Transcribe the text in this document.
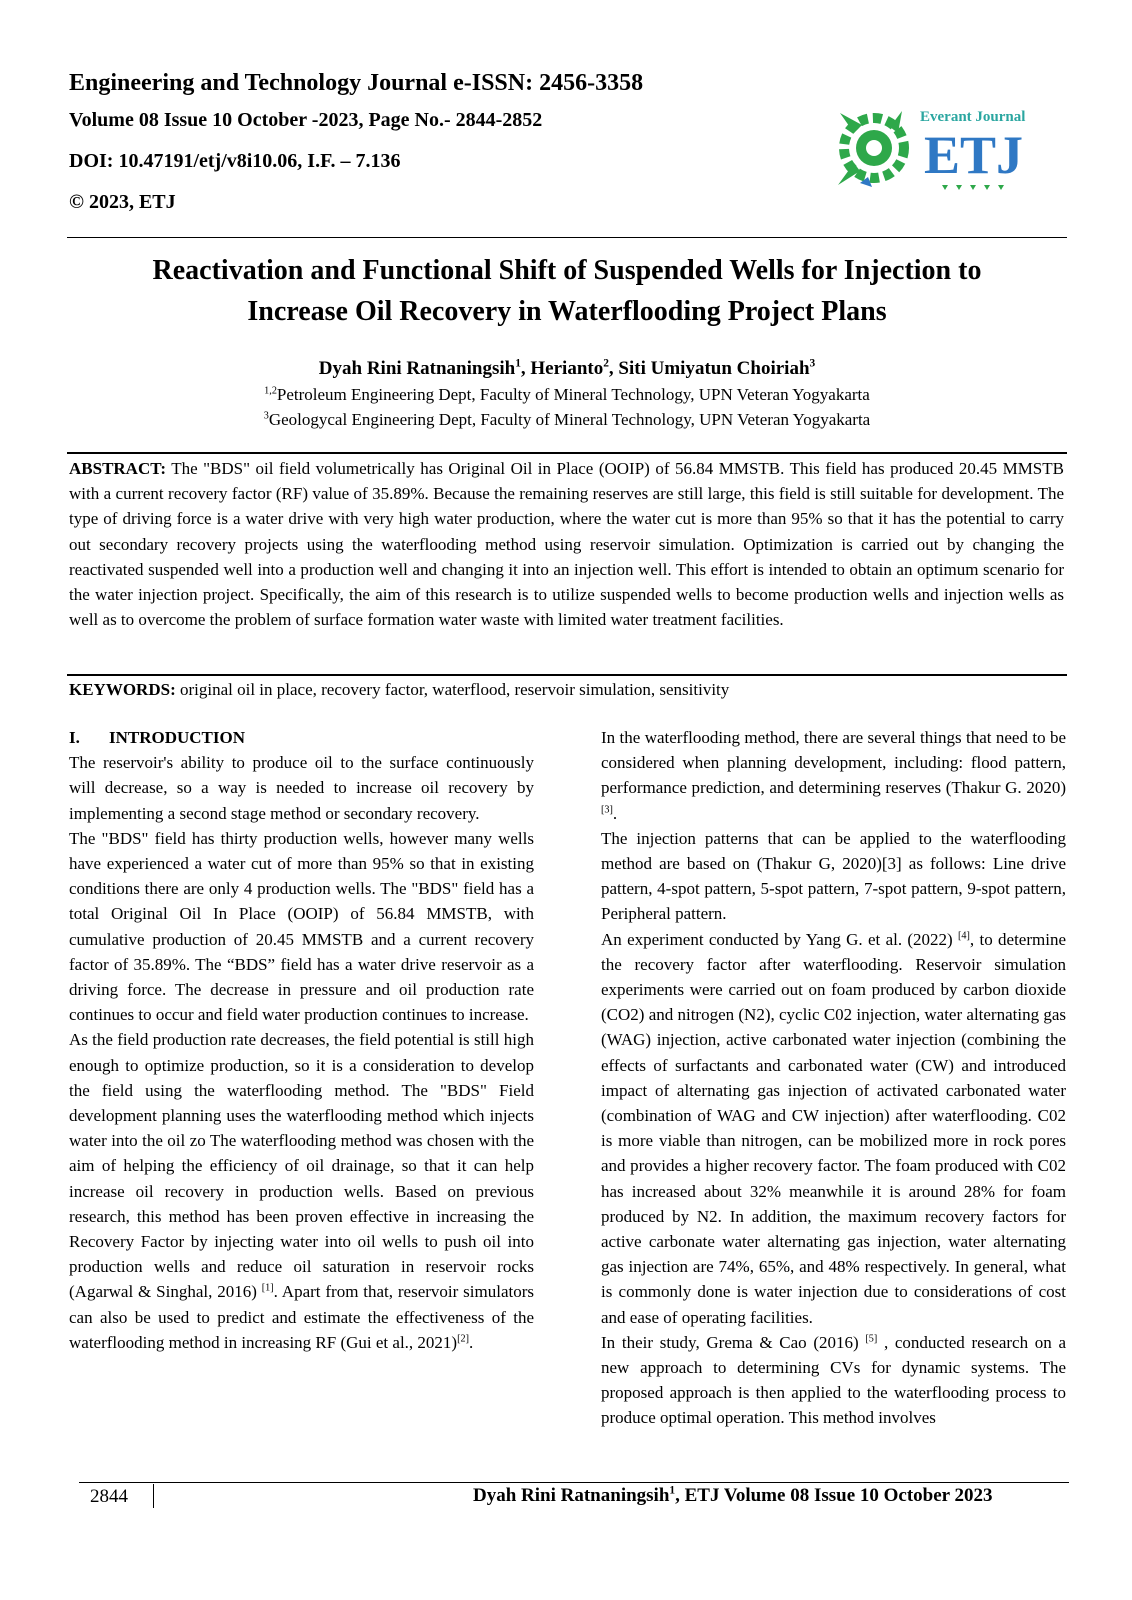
Engineering and Technology Journal e-ISSN: 2456-3358
Volume 08 Issue 10 October -2023, Page No.- 2844-2852
DOI: 10.47191/etj/v8i10.06, I.F. – 7.136
© 2023, ETJ
Everant Journal
ETJ
Reactivation and Functional Shift of Suspended Wells for Injection to
Increase Oil Recovery in Waterflooding Project Plans
Dyah Rini Ratnaningsih$^1$, Herianto$^2$, Siti Umiyatun Choiriah$^3$
$^{1,2}$Petroleum Engineering Dept, Faculty of Mineral Technology, UPN Veteran Yogyakarta
$^3$Geologycal Engineering Dept, Faculty of Mineral Technology, UPN Veteran Yogyakarta

ABSTRACT: The "BDS" oil field volumetrically has Original Oil in Place (OOIP) of 56.84 MMSTB. This field has produced 20.45 MMSTB with a current recovery factor (RF) value of 35.89%. Because the remaining reserves are still large, this field is still suitable for development. The type of driving force is a water drive with very high water production, where the water cut is more than 95% so that it has the potential to carry out secondary recovery projects using the waterflooding method using reservoir simulation. Optimization is carried out by changing the reactivated suspended well into a production well and changing it into an injection well. This effort is intended to obtain an optimum scenario for the water injection project. Specifically, the aim of this research is to utilize suspended wells to become production wells and injection wells as well as to overcome the problem of surface formation water waste with limited water treatment facilities.

KEYWORDS: original oil in place, recovery factor, waterflood, reservoir simulation, sensitivity

I. INTRODUCTION

The reservoir's ability to produce oil to the surface continuously will decrease, so a way is needed to increase oil recovery by implementing a second stage method or secondary recovery.

The "BDS" field has thirty production wells, however many wells have experienced a water cut of more than 95% so that in existing conditions there are only 4 production wells. The "BDS" field has a total Original Oil In Place (OOIP) of 56.84 MMSTB, with cumulative production of 20.45 MMSTB and a current recovery factor of 35.89%. The “BDS” field has a water drive reservoir as a driving force. The decrease in pressure and oil production rate continues to occur and field water production continues to increase.

As the field production rate decreases, the field potential is still high enough to optimize production, so it is a consideration to develop the field using the waterflooding method. The "BDS" Field development planning uses the waterflooding method which injects water into the oil zo The waterflooding method was chosen with the aim of helping the efficiency of oil drainage, so that it can help increase oil recovery in production wells. Based on previous research, this method has been proven effective in increasing the Recovery Factor by injecting water into oil wells to push oil into production wells and reduce oil saturation in reservoir rocks (Agarwal & Singhal, 2016) [1]. Apart from that, reservoir simulators can also be used to predict and estimate the effectiveness of the waterflooding method in increasing RF (Gui et al., 2021)[2].

In the waterflooding method, there are several things that need to be considered when planning development, including: flood pattern, performance prediction, and determining reserves (Thakur G. 2020) [3].

The injection patterns that can be applied to the waterflooding method are based on (Thakur G, 2020)[3] as follows: Line drive pattern, 4-spot pattern, 5-spot pattern, 7-spot pattern, 9-spot pattern, Peripheral pattern.

An experiment conducted by Yang G. et al. (2022) [4], to determine the recovery factor after waterflooding. Reservoir simulation experiments were carried out on foam produced by carbon dioxide (CO2) and nitrogen (N2), cyclic C02 injection, water alternating gas (WAG) injection, active carbonated water injection (combining the effects of surfactants and carbonated water (CW) and introduced impact of alternating gas injection of activated carbonated water (combination of WAG and CW injection) after waterflooding. C02 is more viable than nitrogen, can be mobilized more in rock pores and provides a higher recovery factor. The foam produced with C02 has increased about 32% meanwhile it is around 28% for foam produced by N2. In addition, the maximum recovery factors for active carbonate water alternating gas injection, water alternating gas injection are 74%, 65%, and 48% respectively. In general, what is commonly done is water injection due to considerations of cost and ease of operating facilities.

In their study, Grema & Cao (2016) [5] , conducted research on a new approach to determining CVs for dynamic systems. The proposed approach is then applied to the waterflooding process to produce optimal operation. This method involves

2844	Dyah Rini Ratnaningsih$^1$, ETJ Volume 08 Issue 10 October 2023
